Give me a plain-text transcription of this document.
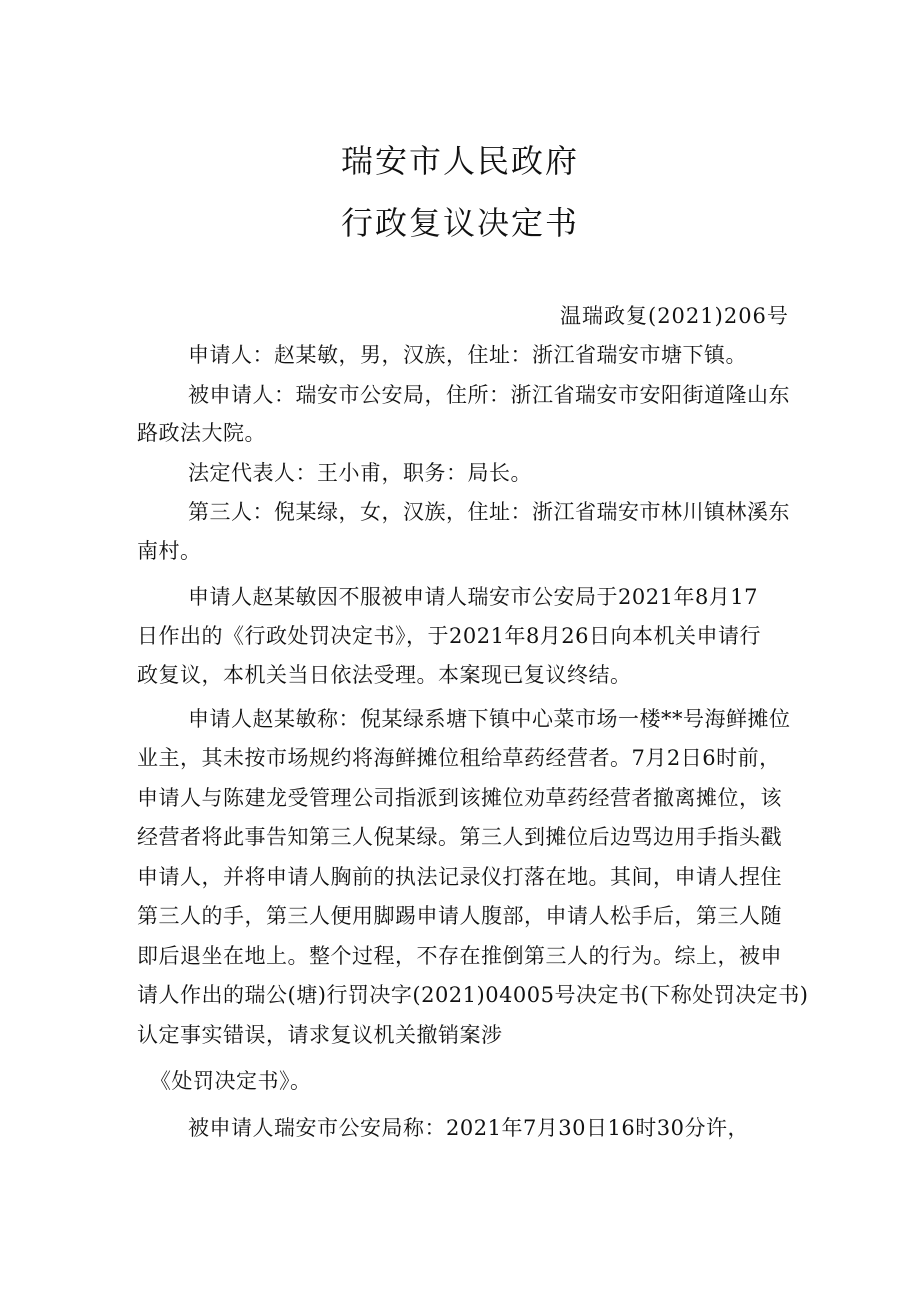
瑞安市人民政府
行政复议决定书
温瑞政复(2021)206号
申请人：赵某敏，男，汉族，住址：浙江省瑞安市塘下镇。
被申请人：瑞安市公安局，住所：浙江省瑞安市安阳街道隆山东
路政法大院。
法定代表人：王小甫，职务：局长。
第三人：倪某绿，女，汉族，住址：浙江省瑞安市林川镇林溪东
南村。
申请人赵某敏因不服被申请人瑞安市公安局于2021年8月17
日作出的《行政处罚决定书》，于2021年8月26日向本机关申请行
政复议，本机关当日依法受理。本案现已复议终结。
申请人赵某敏称：倪某绿系塘下镇中心菜市场一楼**号海鲜摊位
业主，其未按市场规约将海鲜摊位租给草药经营者。7月2日6时前，
申请人与陈建龙受管理公司指派到该摊位劝草药经营者撤离摊位，该
经营者将此事告知第三人倪某绿。第三人到摊位后边骂边用手指头戳
申请人，并将申请人胸前的执法记录仪打落在地。其间，申请人捏住
第三人的手，第三人便用脚踢申请人腹部，申请人松手后，第三人随
即后退坐在地上。整个过程，不存在推倒第三人的行为。综上，被申
请人作出的瑞公(塘)行罚决字(2021)04005号决定书(下称处罚决定书)
认定事实错误，请求复议机关撤销案涉
《处罚决定书》。
被申请人瑞安市公安局称：2021年7月30日16时30分许，
